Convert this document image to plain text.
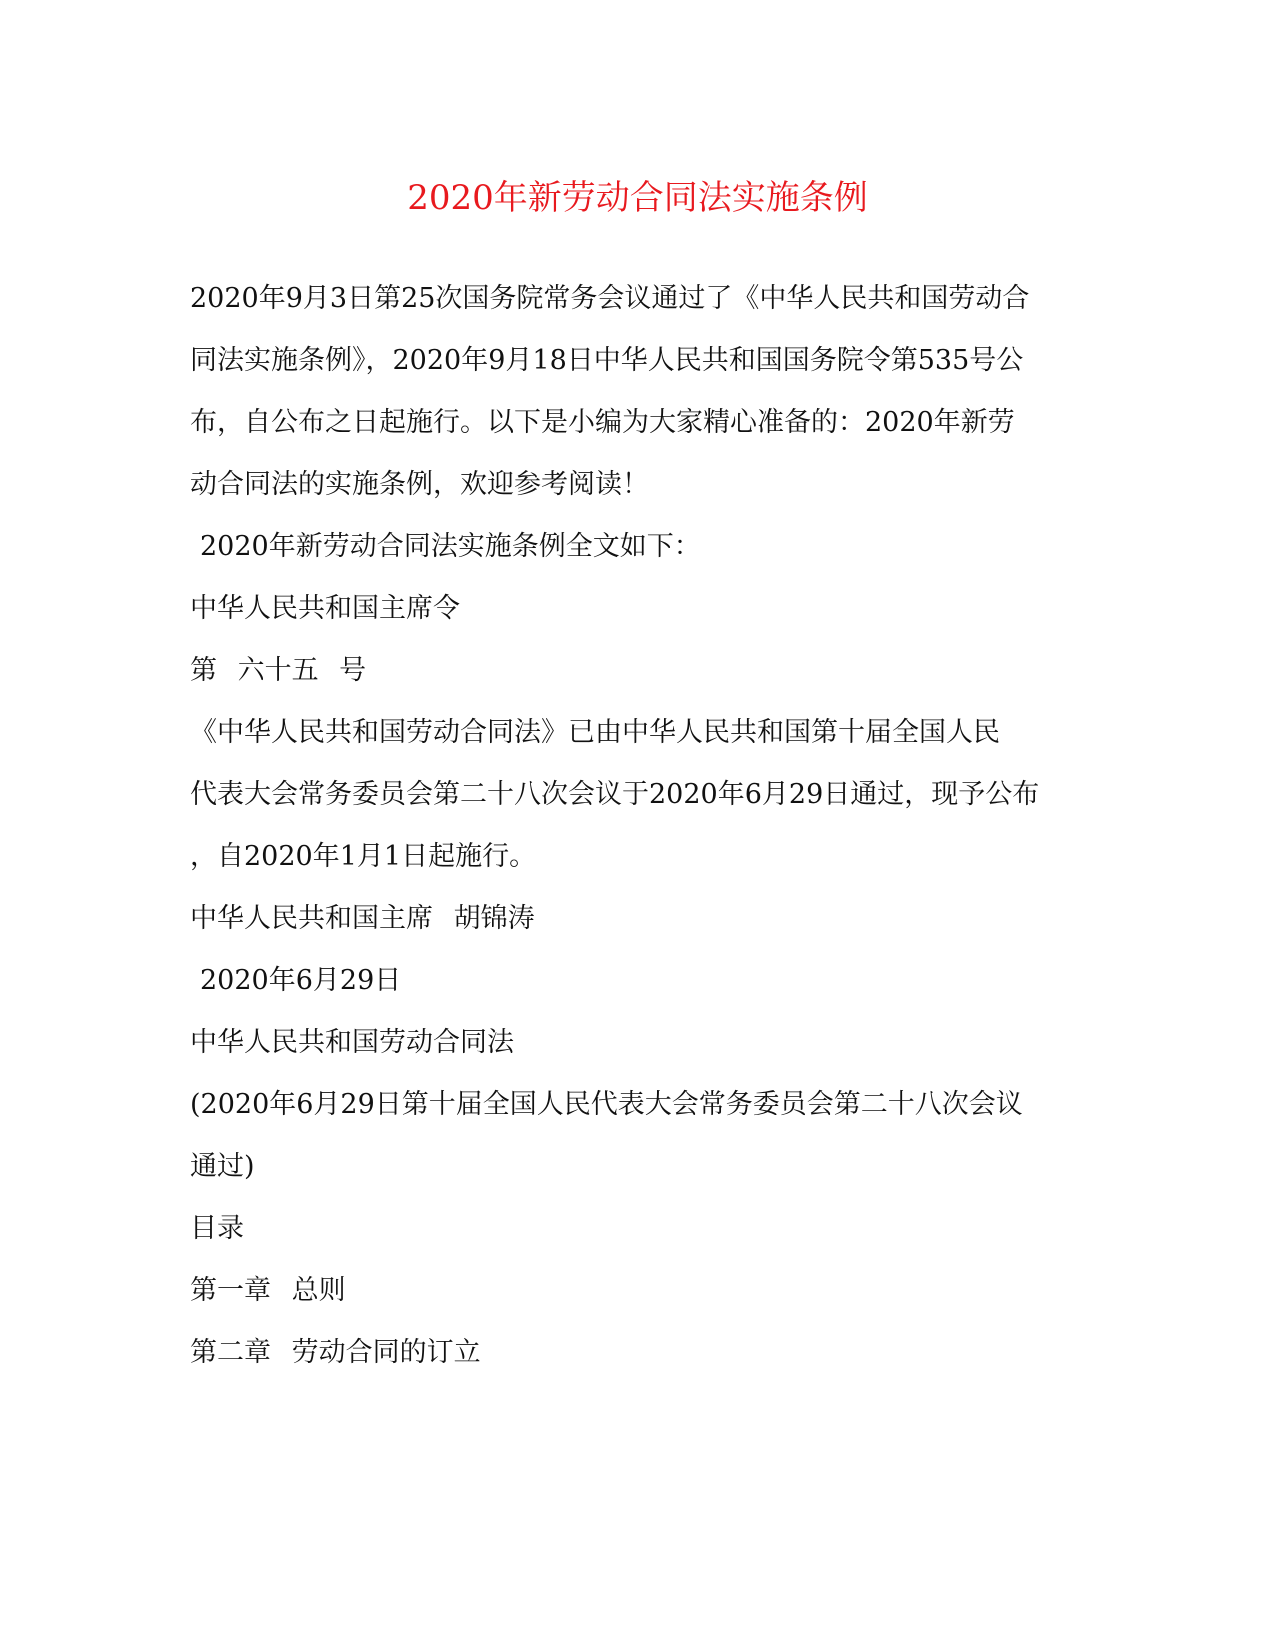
2020年新劳动合同法实施条例
2020年9月3日第25次国务院常务会议通过了《中华人民共和国劳动合
同法实施条例》，2020年9月18日中华人民共和国国务院令第535号公
布，自公布之日起施行。以下是小编为大家精心准备的：2020年新劳
动合同法的实施条例，欢迎参考阅读！
2020年新劳动合同法实施条例全文如下：
中华人民共和国主席令
第 六十五 号
《中华人民共和国劳动合同法》已由中华人民共和国第十届全国人民
代表大会常务委员会第二十八次会议于2020年6月29日通过，现予公布
，自2020年1月1日起施行。
中华人民共和国主席 胡锦涛
2020年6月29日
中华人民共和国劳动合同法
(2020年6月29日第十届全国人民代表大会常务委员会第二十八次会议
通过)
目录
第一章 总则
第二章 劳动合同的订立
